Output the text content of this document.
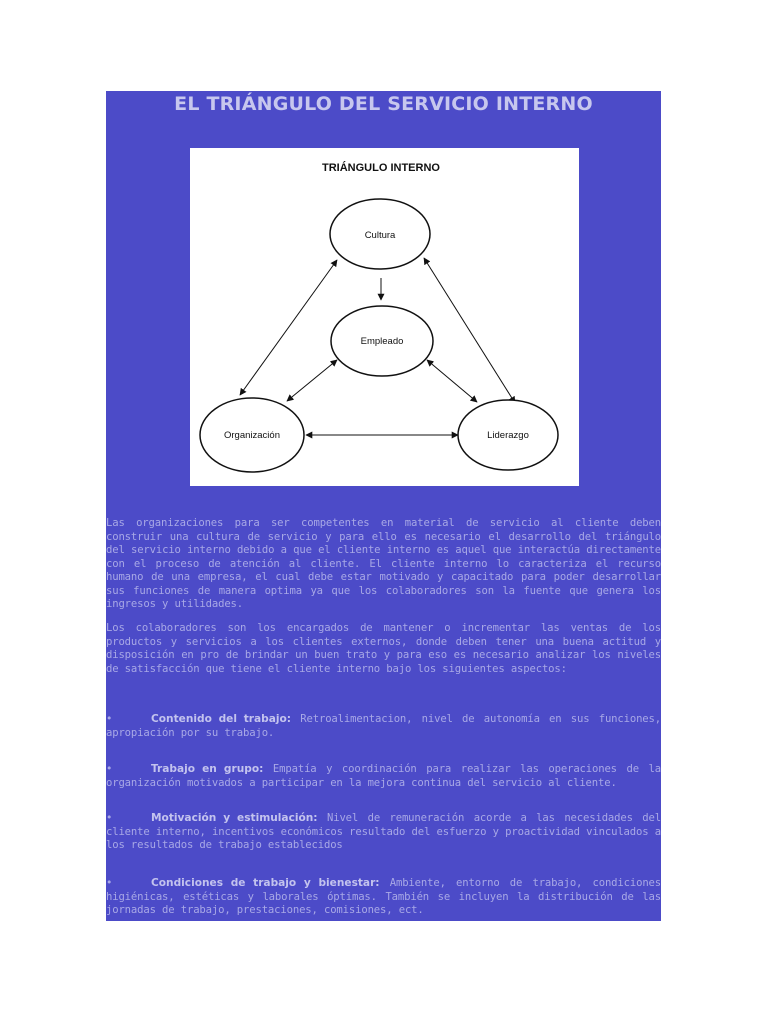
EL TRIÁNGULO DEL SERVICIO INTERNO
TRIÁNGULO INTERNO
Cultura
Empleado
Organización	Liderazgo

Las organizaciones para ser competentes en material de servicio al cliente deben construir una cultura de servicio y para ello es necesario el desarrollo del triángulo del servicio interno debido a que el cliente interno es aquel que interactúa directamente con el proceso de atención al cliente. El cliente interno lo caracteriza el recurso humano de una empresa, el cual debe estar motivado y capacitado para poder desarrollar sus funciones de manera optima ya que los colaboradores son la fuente que genera los ingresos y utilidades.

Los colaboradores son los encargados de mantener o incrementar las ventas de los productos y servicios a los clientes externos, donde deben tener una buena actitud y disposición en pro de brindar un buen trato y para eso es necesario analizar los niveles de satisfacción que tiene el cliente interno bajo los siguientes aspectos:

•	Contenido del trabajo: Retroalimentacion, nivel de autonomía en sus funciones, apropiación por su trabajo.

•	Trabajo en grupo: Empatía y coordinación para realizar las operaciones de la organización motivados a participar en la mejora continua del servicio al cliente.

•	Motivación y estimulación: Nivel de remuneración acorde a las necesidades del cliente interno, incentivos económicos resultado del esfuerzo y proactividad vinculados a los resultados de trabajo establecidos

•	Condiciones de trabajo y bienestar: Ambiente, entorno de trabajo, condiciones higiénicas, estéticas y laborales óptimas. También se incluyen la distribución de las jornadas de trabajo, prestaciones, comisiones, ect.
